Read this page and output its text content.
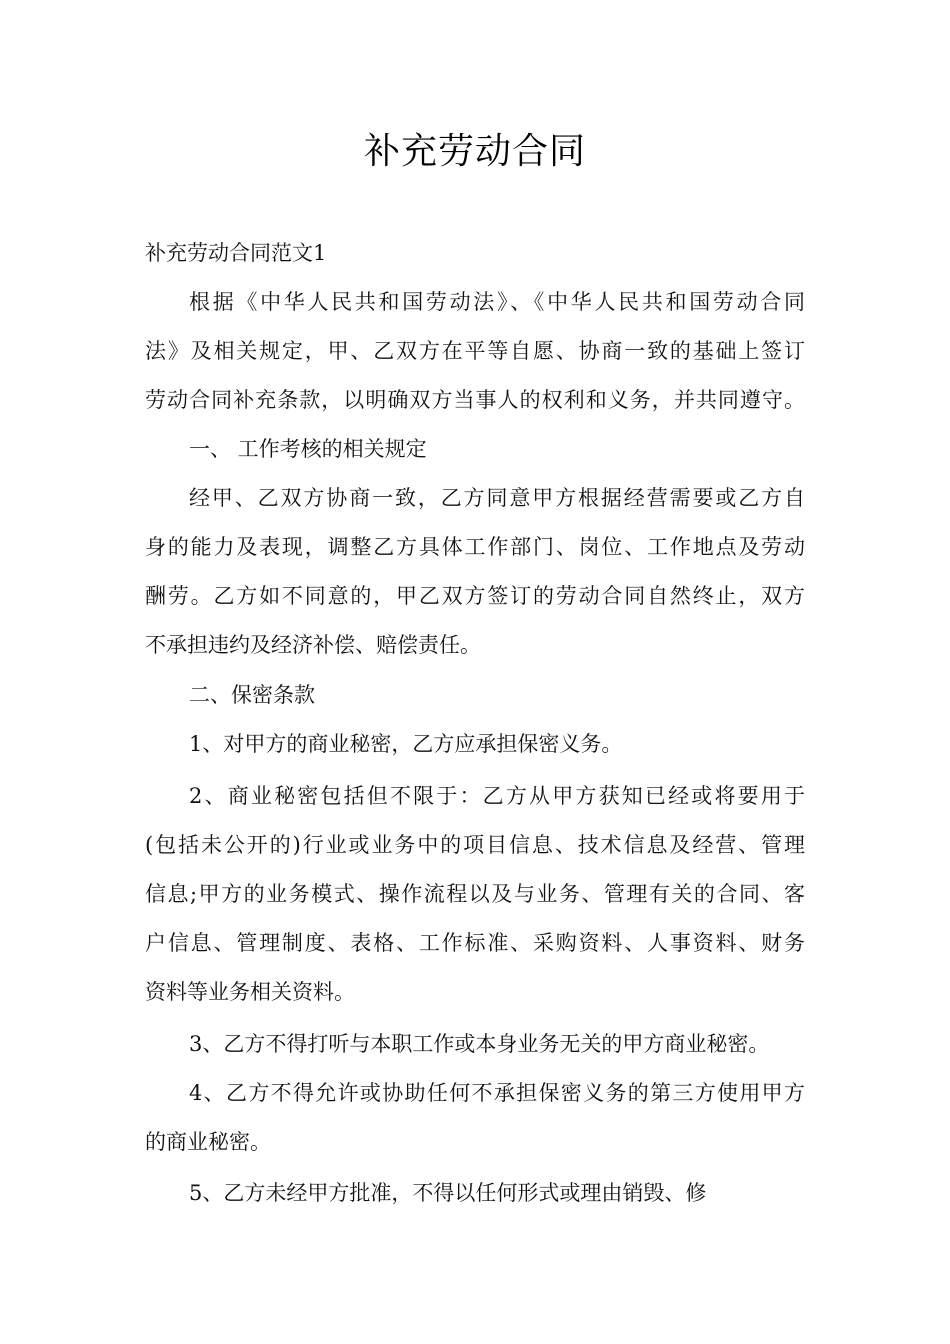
补充劳动合同
补充劳动合同范文1
根据《中华人民共和国劳动法》、《中华人民共和国劳动合同
法》及相关规定，甲、乙双方在平等自愿、协商一致的基础上签订
劳动合同补充条款，以明确双方当事人的权利和义务，并共同遵守。
一、 工作考核的相关规定
经甲、乙双方协商一致，乙方同意甲方根据经营需要或乙方自
身的能力及表现，调整乙方具体工作部门、岗位、工作地点及劳动
酬劳。乙方如不同意的，甲乙双方签订的劳动合同自然终止，双方
不承担违约及经济补偿、赔偿责任。
二、保密条款
1、对甲方的商业秘密，乙方应承担保密义务。
2、商业秘密包括但不限于：乙方从甲方获知已经或将要用于
(包括未公开的)行业或业务中的项目信息、技术信息及经营、管理
信息;甲方的业务模式、操作流程以及与业务、管理有关的合同、客
户信息、管理制度、表格、工作标准、采购资料、人事资料、财务
资料等业务相关资料。
3、乙方不得打听与本职工作或本身业务无关的甲方商业秘密。
4、乙方不得允许或协助任何不承担保密义务的第三方使用甲方
的商业秘密。
5、乙方未经甲方批准，不得以任何形式或理由销毁、修
